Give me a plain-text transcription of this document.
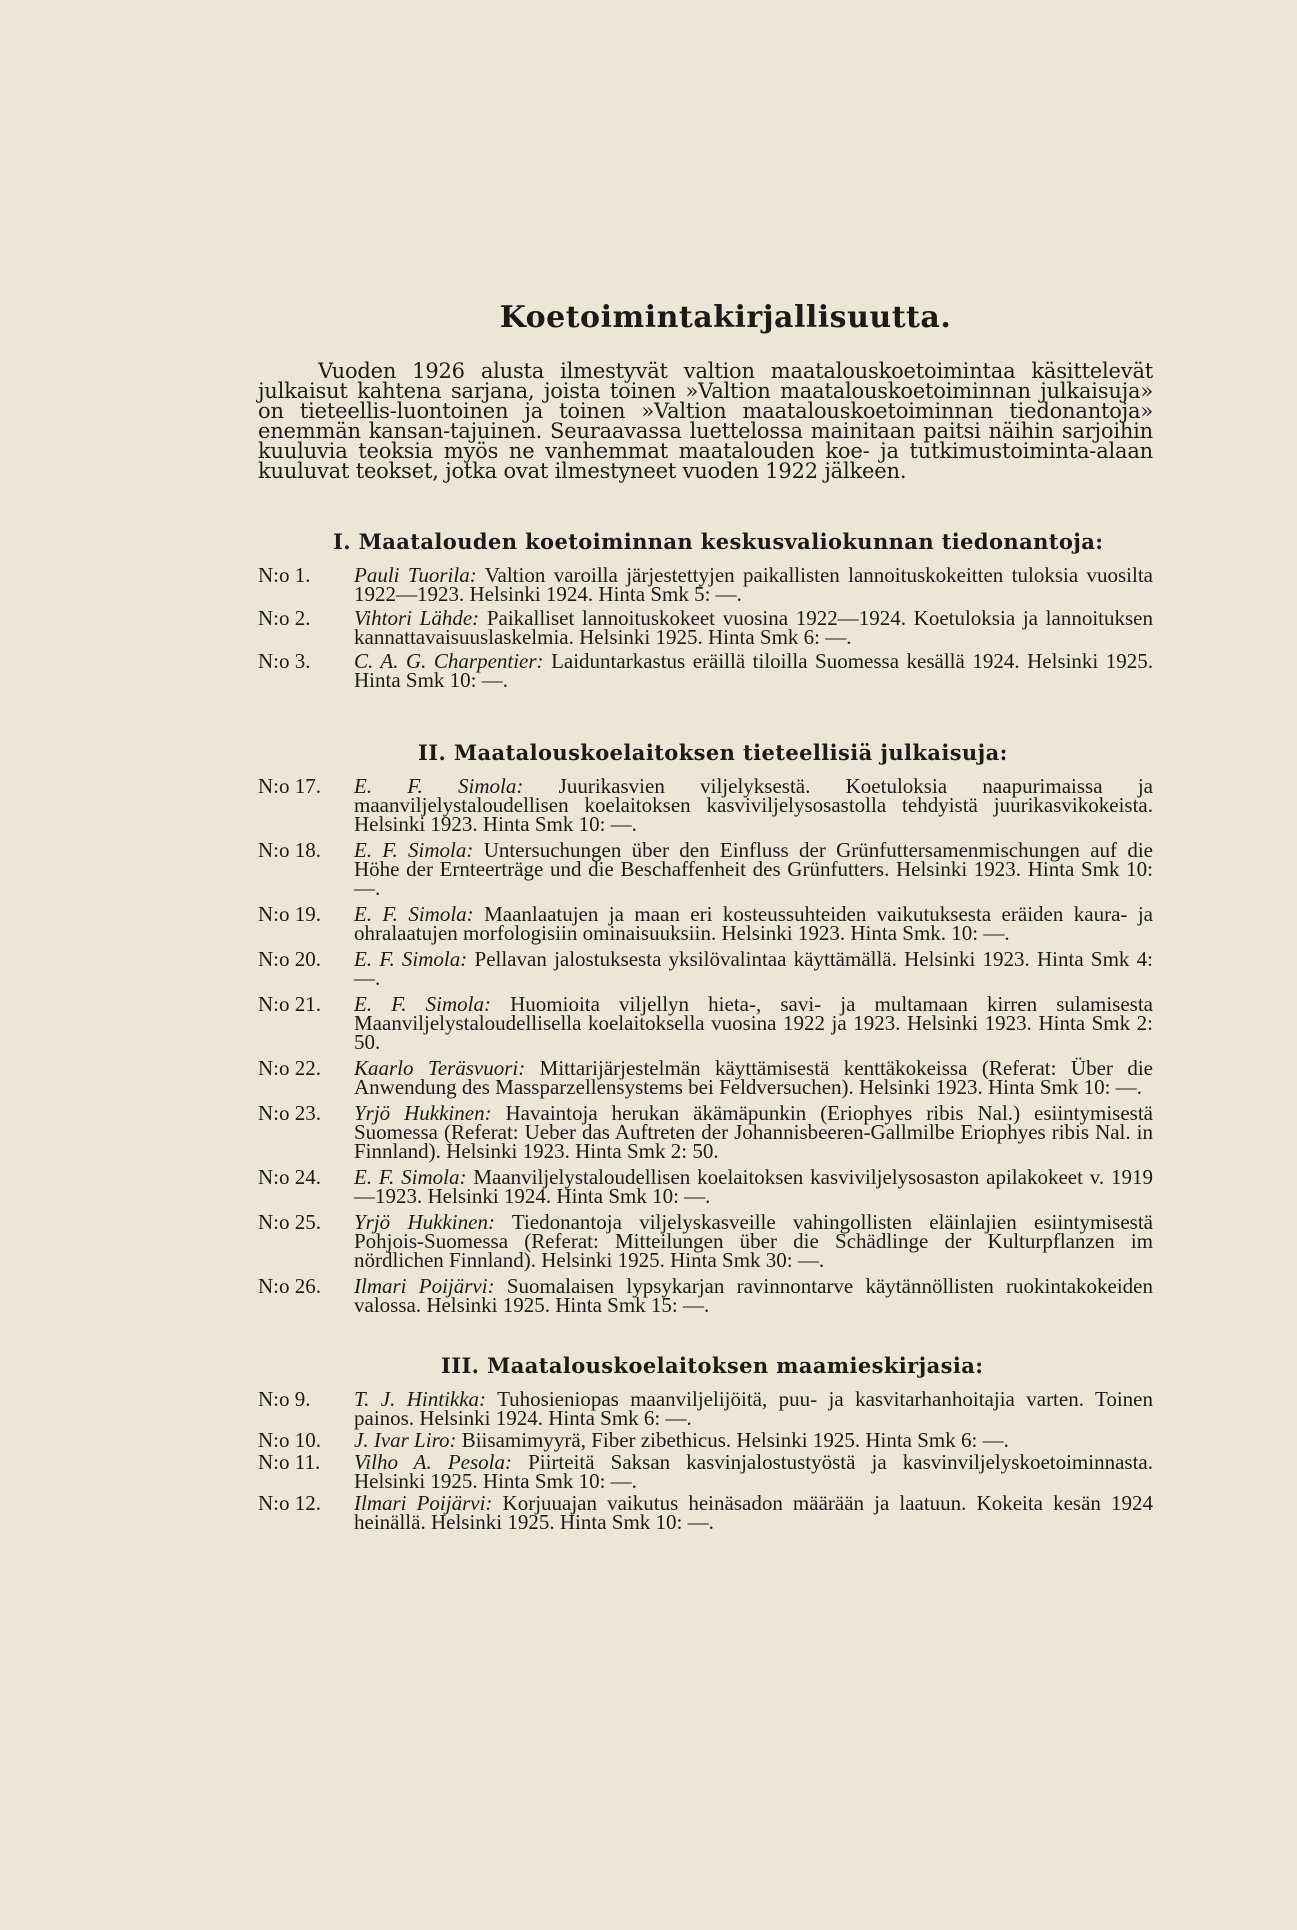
Koetoimintakirjallisuutta.

Vuoden 1926 alusta ilmestyvät valtion maatalouskoetoimintaa käsittelevät julkaisut kahtena sarjana, joista toinen »Valtion maatalouskoetoiminnan julkaisuja» on tieteellis-luontoinen ja toinen »Valtion maatalouskoetoiminnan tiedonantoja» enemmän kansan-tajuinen. Seuraavassa luettelossa mainitaan paitsi näihin sarjoihin kuuluvia teoksia myös ne vanhemmat maatalouden koe- ja tutkimustoiminta-alaan kuuluvat teokset, jotka ovat ilmestyneet vuoden 1922 jälkeen.

I. Maatalouden koetoiminnan keskusvaliokunnan tiedonantoja:
N:o 1.	Pauli Tuorila: Valtion varoilla järjestettyjen paikallisten lannoituskokeitten tuloksia vuosilta 1922—1923. Helsinki 1924. Hinta Smk 5: —.
N:o 2.	Vihtori Lähde: Paikalliset lannoituskokeet vuosina 1922—1924. Koetuloksia ja lannoituksen kannattavaisuuslaskelmia. Helsinki 1925. Hinta Smk 6: —.
N:o 3.	C. A. G. Charpentier: Laiduntarkastus eräillä tiloilla Suomessa kesällä 1924. Helsinki 1925. Hinta Smk 10: —.
II. Maatalouskoelaitoksen tieteellisiä julkaisuja:
N:o 17.	E. F. Simola: Juurikasvien viljelyksestä. Koetuloksia naapurimaissa ja maanviljelystaloudellisen koelaitoksen kasviviljelysosastolla tehdyistä juurikasvikokeista. Helsinki 1923. Hinta Smk 10: —.
N:o 18.	E. F. Simola: Untersuchungen über den Einfluss der Grünfuttersamenmischungen auf die Höhe der Ernteerträge und die Beschaffenheit des Grünfutters. Helsinki 1923. Hinta Smk 10: —.
N:o 19.	E. F. Simola: Maanlaatujen ja maan eri kosteussuhteiden vaikutuksesta eräiden kaura- ja ohralaatujen morfologisiin ominaisuuksiin. Helsinki 1923. Hinta Smk. 10: —.
N:o 20.	E. F. Simola: Pellavan jalostuksesta yksilövalintaa käyttämällä. Helsinki 1923. Hinta Smk 4: —.
N:o 21.	E. F. Simola: Huomioita viljellyn hieta-, savi- ja multamaan kirren sulamisesta Maanviljelystaloudellisella koelaitoksella vuosina 1922 ja 1923. Helsinki 1923. Hinta Smk 2: 50.
N:o 22.	Kaarlo Teräsvuori: Mittarijärjestelmän käyttämisestä kenttäkokeissa (Referat: Über die Anwendung des Massparzellensystems bei Feldversuchen). Helsinki 1923. Hinta Smk 10: —.
N:o 23.	Yrjö Hukkinen: Havaintoja herukan äkämäpunkin (Eriophyes ribis Nal.) esiintymisestä Suomessa (Referat: Ueber das Auftreten der Johannisbeeren-Gallmilbe Eriophyes ribis Nal. in Finnland). Helsinki 1923. Hinta Smk 2: 50.
N:o 24.	E. F. Simola: Maanviljelystaloudellisen koelaitoksen kasviviljelysosaston apilakokeet v. 1919—1923. Helsinki 1924. Hinta Smk 10: —.
N:o 25.	Yrjö Hukkinen: Tiedonantoja viljelyskasveille vahingollisten eläinlajien esiintymisestä Pohjois-Suomessa (Referat: Mitteilungen über die Schädlinge der Kulturpflanzen im nördlichen Finnland). Helsinki 1925. Hinta Smk 30: —.
N:o 26.	Ilmari Poijärvi: Suomalaisen lypsykarjan ravinnontarve käytännöllisten ruokintakokeiden valossa. Helsinki 1925. Hinta Smk 15: —.
III. Maatalouskoelaitoksen maamieskirjasia:
N:o 9.	T. J. Hintikka: Tuhosieniopas maanviljelijöitä, puu- ja kasvitarhanhoitajia varten. Toinen painos. Helsinki 1924. Hinta Smk 6: —.
N:o 10.	J. Ivar Liro: Biisamimyyrä, Fiber zibethicus. Helsinki 1925. Hinta Smk 6: —.
N:o 11.	Vilho A. Pesola: Piirteitä Saksan kasvinjalostustyöstä ja kasvinviljelyskoetoiminnasta. Helsinki 1925. Hinta Smk 10: —.
N:o 12.	Ilmari Poijärvi: Korjuuajan vaikutus heinäsadon määrään ja laatuun. Kokeita kesän 1924 heinällä. Helsinki 1925. Hinta Smk 10: —.
